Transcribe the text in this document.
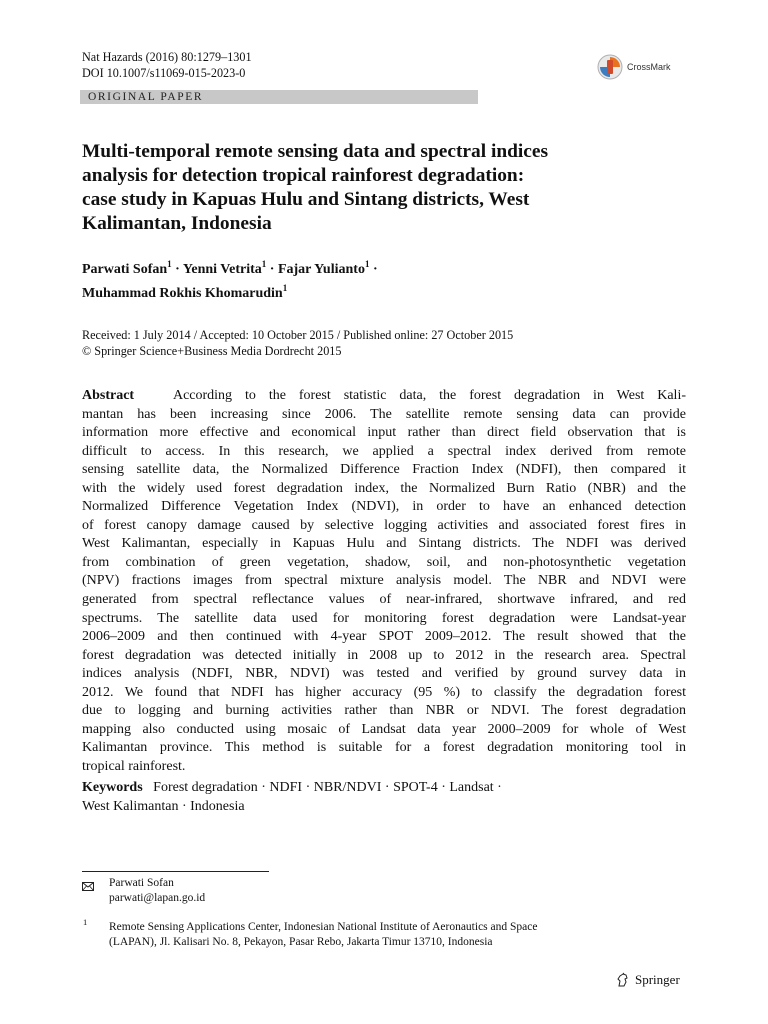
Nat Hazards (2016) 80:1279–1301
DOI 10.1007/s11069-015-2023-0	CrossMark
ORIGINAL PAPER
Multi-temporal remote sensing data and spectral indices
analysis for detection tropical rainforest degradation:
case study in Kapuas Hulu and Sintang districts, West
Kalimantan, Indonesia
Parwati Sofan$^1$ · Yenni Vetrita$^1$ · Fajar Yulianto$^1$ ·
Muhammad Rokhis Khomarudin$^1$
Received: 1 July 2014 / Accepted: 10 October 2015 / Published online: 27 October 2015
© Springer Science+Business Media Dordrecht 2015
Abstract	According to the forest statistic data, the forest degradation in West Kali-
mantan has been increasing since 2006. The satellite remote sensing data can provide
information more effective and economical input rather than direct field observation that is
difficult to access. In this research, we applied a spectral index derived from remote
sensing satellite data, the Normalized Difference Fraction Index (NDFI), then compared it
with the widely used forest degradation index, the Normalized Burn Ratio (NBR) and the
Normalized Difference Vegetation Index (NDVI), in order to have an enhanced detection
of forest canopy damage caused by selective logging activities and associated forest fires in
West Kalimantan, especially in Kapuas Hulu and Sintang districts. The NDFI was derived
from combination of green vegetation, shadow, soil, and non-photosynthetic vegetation
(NPV) fractions images from spectral mixture analysis model. The NBR and NDVI were
generated from spectral reflectance values of near-infrared, shortwave infrared, and red
spectrums. The satellite data used for monitoring forest degradation were Landsat-year
2006–2009 and then continued with 4-year SPOT 2009–2012. The result showed that the
forest degradation was detected initially in 2008 up to 2012 in the research area. Spectral
indices analysis (NDFI, NBR, NDVI) was tested and verified by ground survey data in
2012. We found that NDFI has higher accuracy (95 %) to classify the degradation forest
due to logging and burning activities rather than NBR or NDVI. The forest degradation
mapping also conducted using mosaic of Landsat data year 2000–2009 for whole of West
Kalimantan province. This method is suitable for a forest degradation monitoring tool in
tropical rainforest.
Keywords Forest degradation · NDFI · NBR/NDVI · SPOT-4 · Landsat ·
West Kalimantan · Indonesia
Parwati Sofan
parwati@lapan.go.id
1 Remote Sensing Applications Center, Indonesian National Institute of Aeronautics and Space
(LAPAN), Jl. Kalisari No. 8, Pekayon, Pasar Rebo, Jakarta Timur 13710, Indonesia
Springer
